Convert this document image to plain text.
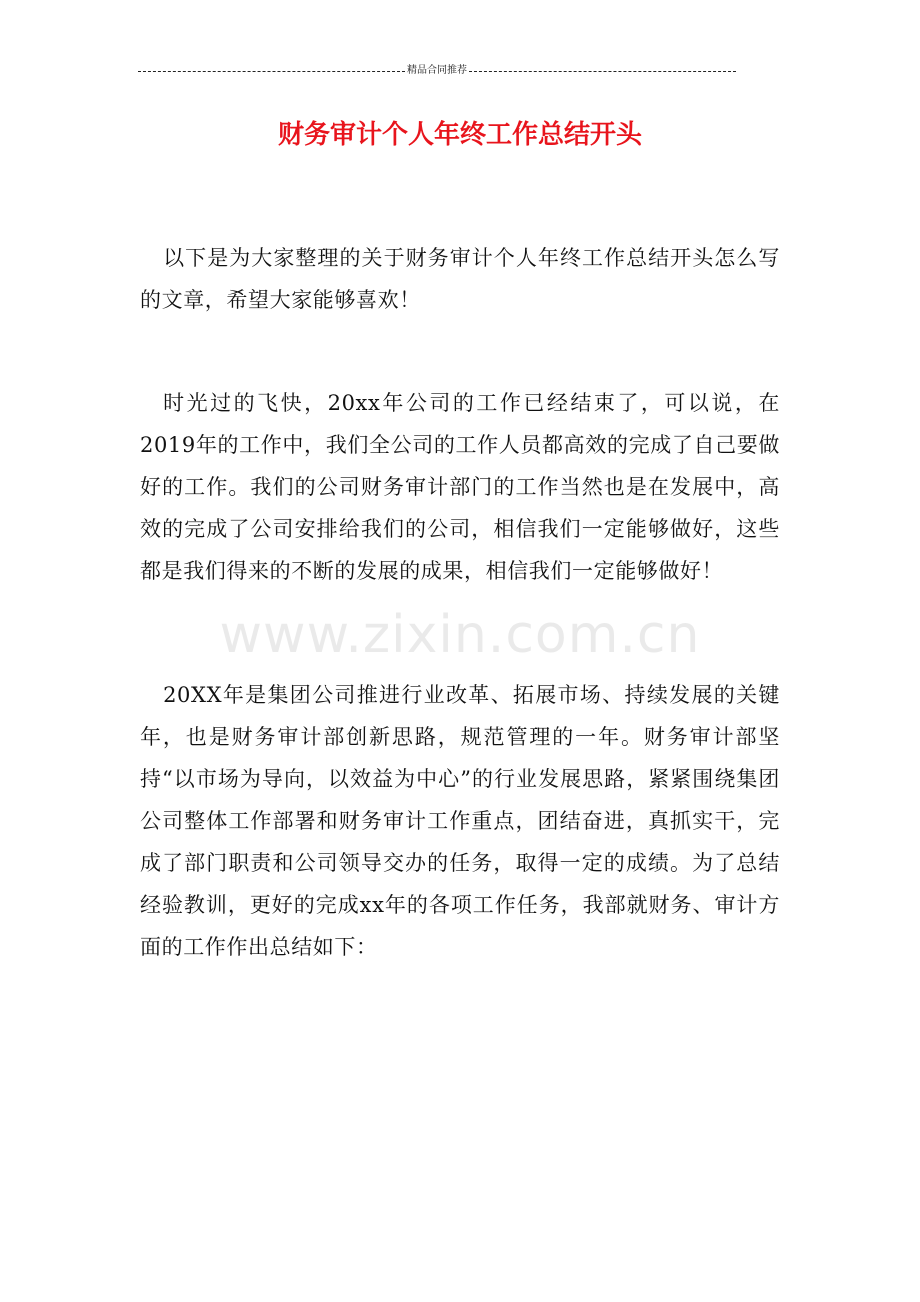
精品合同推荐
财务审计个人年终工作总结开头

以下是为大家整理的关于财务审计个人年终工作总结开头怎么写的文章，希望大家能够喜欢！

时光过的飞快，20xx年公司的工作已经结束了，可以说，在2019年的工作中，我们全公司的工作人员都高效的完成了自己要做好的工作。我们的公司财务审计部门的工作当然也是在发展中，高效的完成了公司安排给我们的公司，相信我们一定能够做好，这些都是我们得来的不断的发展的成果，相信我们一定能够做好！

20XX年是集团公司推进行业改革、拓展市场、持续发展的关键年，也是财务审计部创新思路，规范管理的一年。财务审计部坚持“以市场为导向，以效益为中心”的行业发展思路，紧紧围绕集团公司整体工作部署和财务审计工作重点，团结奋进，真抓实干，完成了部门职责和公司领导交办的任务，取得一定的成绩。为了总结经验教训，更好的完成xx年的各项工作任务，我部就财务、审计方面的工作作出总结如下：

www.zixin.com.cn
